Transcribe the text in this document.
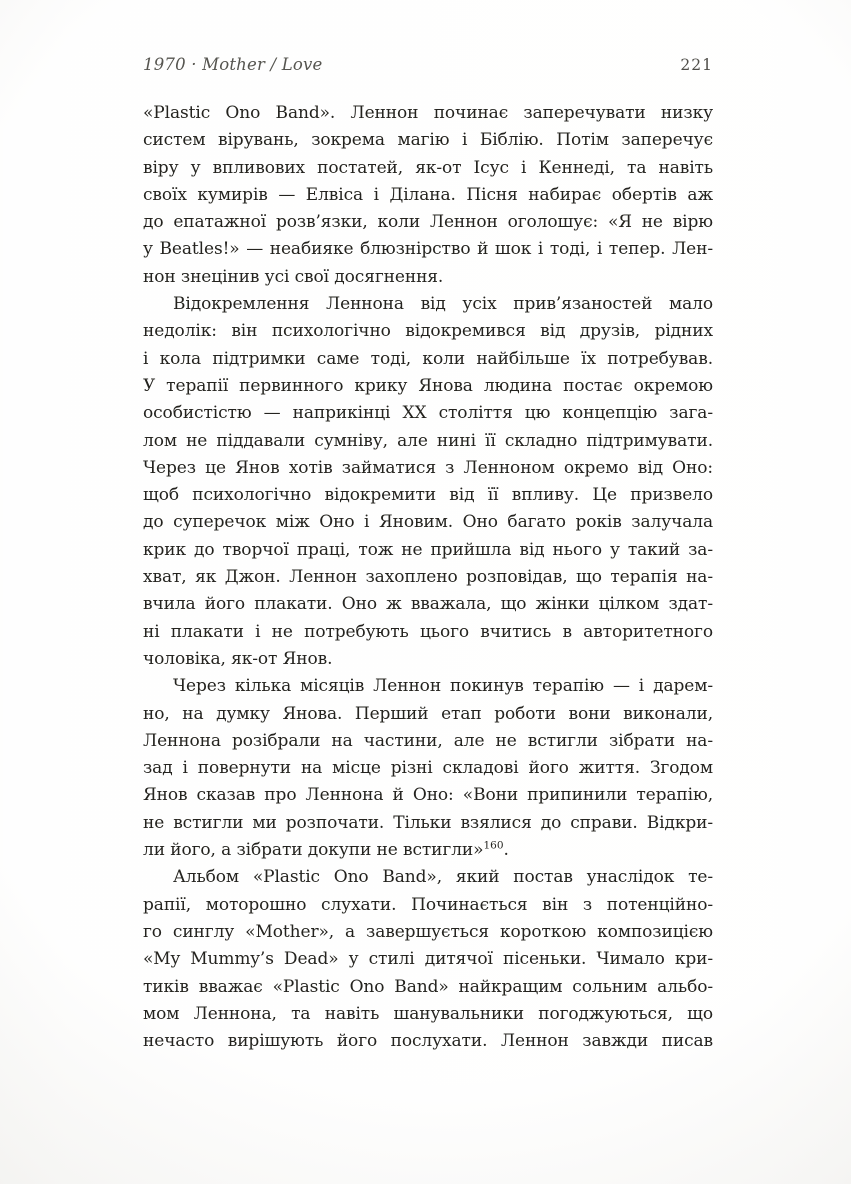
1970 · Mother / Love	221
«Plastic Ono Band». Леннон починає заперечувати низку
систем вірувань, зокрема магію і Біблію. Потім заперечує
віру у впливових постатей, як-от Ісус і Кеннеді, та навіть
своїх кумирів — Елвіса і Ділана. Пісня набирає обертів аж
до епатажної розв’язки, коли Леннон оголошує: «Я не вірю
у Beatles!» — неабияке блюзнірство й шок і тоді, і тепер. Лен-
нон знецінив усі свої досягнення.
Відокремлення Леннона від усіх прив’язаностей мало
недолік: він психологічно відокремився від друзів, рідних
і кола підтримки саме тоді, коли найбільше їх потребував.
У терапії первинного крику Янова людина постає окремою
особистістю — наприкінці XX століття цю концепцію зага-
лом не піддавали сумніву, але нині її складно підтримувати.
Через це Янов хотів займатися з Ленноном окремо від Оно:
щоб психологічно відокремити від її впливу. Це призвело
до суперечок між Оно і Яновим. Оно багато років залучала
крик до творчої праці, тож не прийшла від нього у такий за-
хват, як Джон. Леннон захоплено розповідав, що терапія на-
вчила його плакати. Оно ж вважала, що жінки цілком здат-
ні плакати і не потребують цього вчитись в авторитетного
чоловіка, як-от Янов.
Через кілька місяців Леннон покинув терапію — і дарем-
но, на думку Янова. Перший етап роботи вони виконали,
Леннона розібрали на частини, але не встигли зібрати на-
зад і повернути на місце різні складові його життя. Згодом
Янов сказав про Леннона й Оно: «Вони припинили терапію,
не встигли ми розпочати. Тільки взялися до справи. Відкри-
ли його, а зібрати докупи не встигли»$^{160}$.
Альбом «Plastic Ono Band», який постав унаслідок те-
рапії, моторошно слухати. Починається він з потенційно-
го синглу «Mother», а завершується короткою композицією
«My Mummy’s Dead» у стилі дитячої пісеньки. Чимало кри-
тиків вважає «Plastic Ono Band» найкращим сольним альбо-
мом Леннона, та навіть шанувальники погоджуються, що
нечасто вирішують його послухати. Леннон завжди писав
